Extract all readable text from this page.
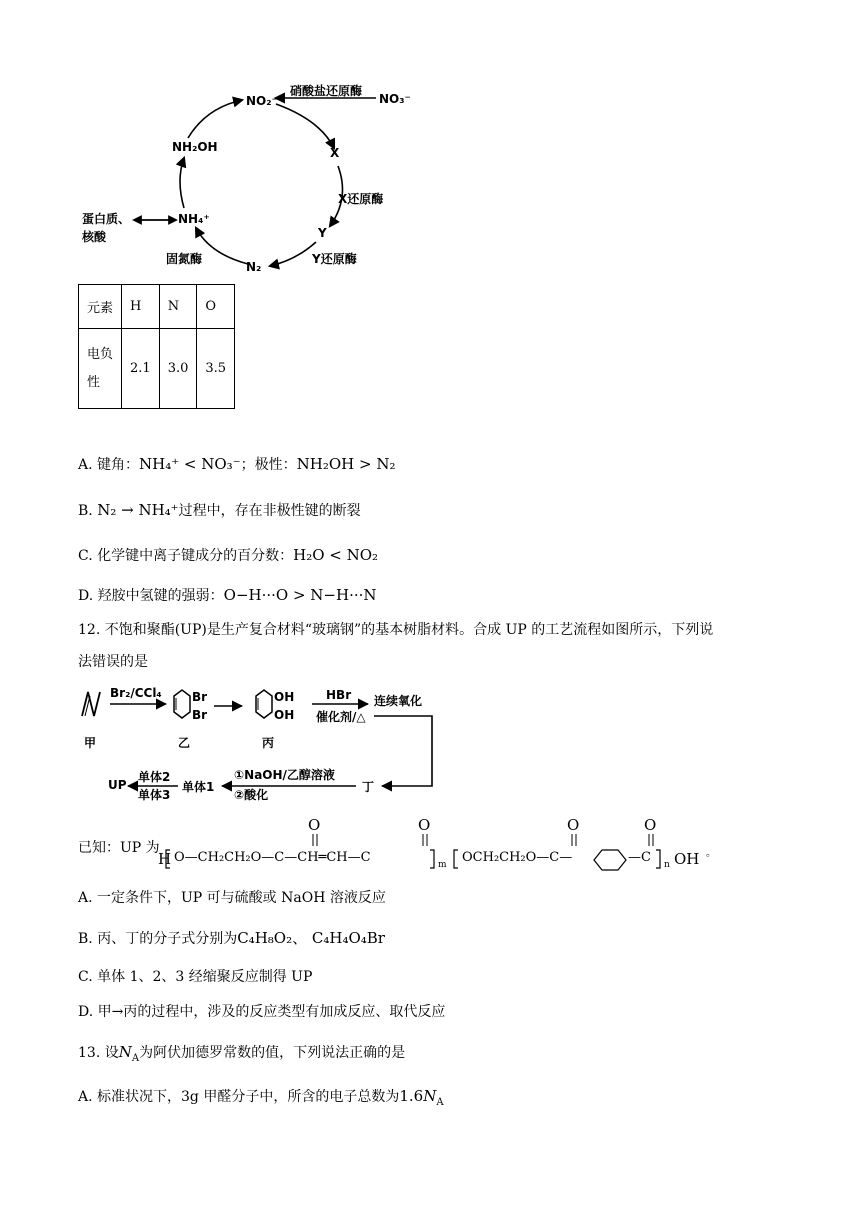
NO₂⁻
硝酸盐还原酶
NO₃⁻
X
X还原酶
Y
Y还原酶
N₂
固氮酶
NH₄⁺
NH₂OH
蛋白质、
核酸
元素	H	N	O
电负
性	2.1	3.0	3.5
A. 键角：NH₄⁺ < NO₃⁻；极性：NH₂OH > N₂
B. N₂ → NH₄⁺过程中，存在非极性键的断裂
C. 化学键中离子键成分的百分数：H₂O < NO₂
D. 羟胺中氢键的强弱：O−H···O > N−H···N
12. 不饱和聚酯(UP)是生产复合材料“玻璃钢”的基本树脂材料。合成 UP 的工艺流程如图所示，下列说
法错误的是
Br₂/CCl₄
甲
Br
Br
乙
OH
OH
丙
HBr
催化剂/△
连续氧化
丁
①NaOH/乙醇溶液
②酸化
单体1
单体2
单体3
UP
已知：UP 为
O	O	O	O
H O—CH₂CH₂O—C—CH═CH—C	m OCH₂CH₂O—C—	—C n OH 。
A. 一定条件下，UP 可与硫酸或 NaOH 溶液反应
B. 丙、丁的分子式分别为C₄H₈O₂、 C₄H₄O₄Br
C. 单体 1、2、3 经缩聚反应制得 UP
D. 甲→丙的过程中，涉及的反应类型有加成反应、取代反应
13. 设$N_A$为阿伏加德罗常数的值，下列说法正确的是
A. 标准状况下，3g 甲醛分子中，所含的电子总数为$1.6N_A$
